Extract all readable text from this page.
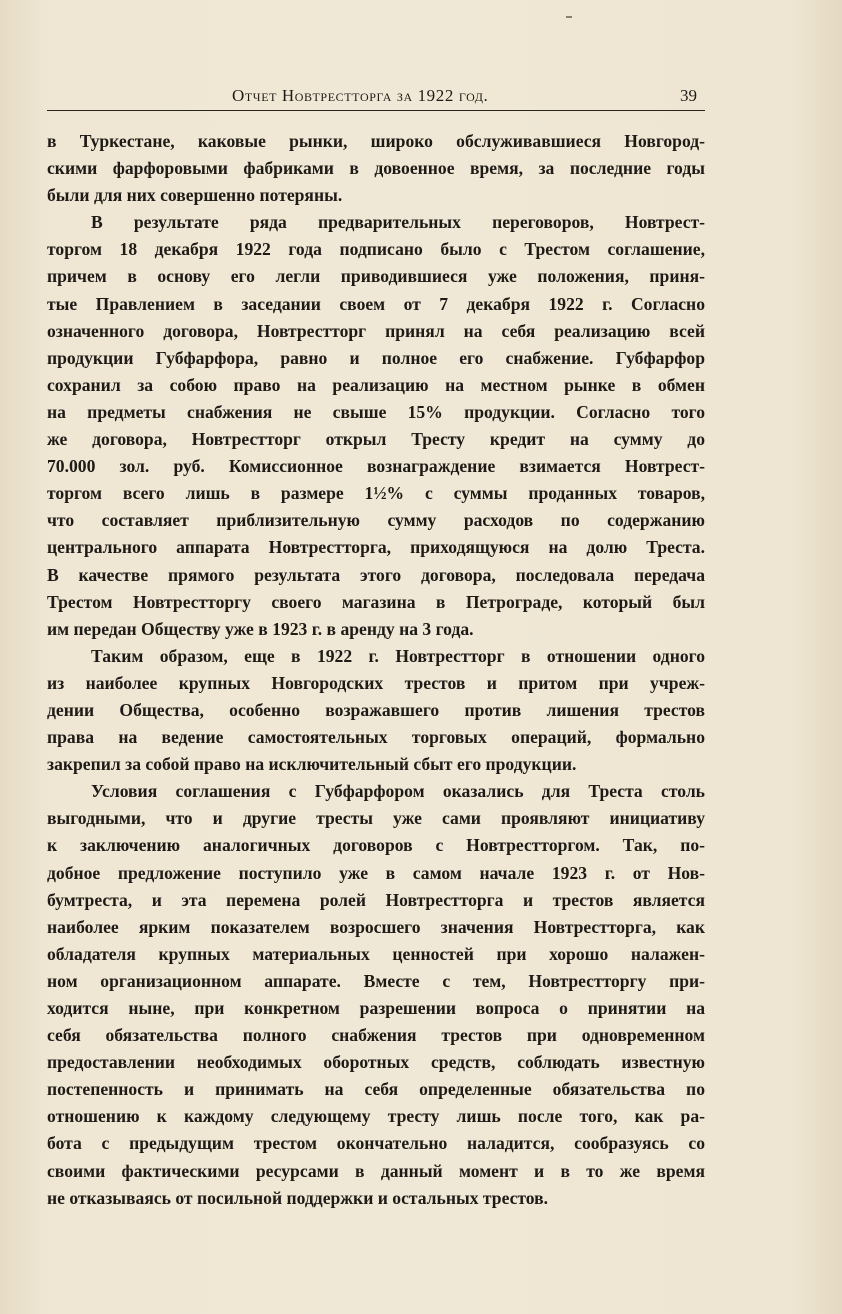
Отчет Новтрестторга за 1922 год.	39
в Туркестане, каковые рынки, широко обслуживавшиеся Новгород-
скими фарфоровыми фабриками в довоенное время, за последние годы
были для них совершенно потеряны.
В результате ряда предварительных переговоров, Новтрест-
торгом 18 декабря 1922 года подписано было с Трестом соглашение,
причем в основу его легли приводившиеся уже положения, приня-
тые Правлением в заседании своем от 7 декабря 1922 г. Согласно
означенного договора, Новтрестторг принял на себя реализацию всей
продукции Губфарфора, равно и полное его снабжение. Губфарфор
сохранил за собою право на реализацию на местном рынке в обмен
на предметы снабжения не свыше 15% продукции. Согласно того
же договора, Новтрестторг открыл Тресту кредит на сумму до
70.000 зол. руб. Комиссионное вознаграждение взимается Новтрест-
торгом всего лишь в размере 1½% с суммы проданных товаров,
что составляет приблизительную сумму расходов по содержанию
центрального аппарата Новтрестторга, приходящуюся на долю Треста.
В качестве прямого результата этого договора, последовала передача
Трестом Новтрестторгу своего магазина в Петрограде, который был
им передан Обществу уже в 1923 г. в аренду на 3 года.
Таким образом, еще в 1922 г. Новтрестторг в отношении одного
из наиболее крупных Новгородских трестов и притом при учреж-
дении Общества, особенно возражавшего против лишения трестов
права на ведение самостоятельных торговых операций, формально
закрепил за собой право на исключительный сбыт его продукции.
Условия соглашения с Губфарфором оказались для Треста столь
выгодными, что и другие тресты уже сами проявляют инициативу
к заключению аналогичных договоров с Новтрестторгом. Так, по-
добное предложение поступило уже в самом начале 1923 г. от Нов-
бумтреста, и эта перемена ролей Новтрестторга и трестов является
наиболее ярким показателем возросшего значения Новтрестторга, как
обладателя крупных материальных ценностей при хорошо налажен-
ном организационном аппарате. Вместе с тем, Новтрестторгу при-
ходится ныне, при конкретном разрешении вопроса о принятии на
себя обязательства полного снабжения трестов при одновременном
предоставлении необходимых оборотных средств, соблюдать известную
постепенность и принимать на себя определенные обязательства по
отношению к каждому следующему тресту лишь после того, как ра-
бота с предыдущим трестом окончательно наладится, сообразуясь со
своими фактическими ресурсами в данный момент и в то же время
не отказываясь от посильной поддержки и остальных трестов.
